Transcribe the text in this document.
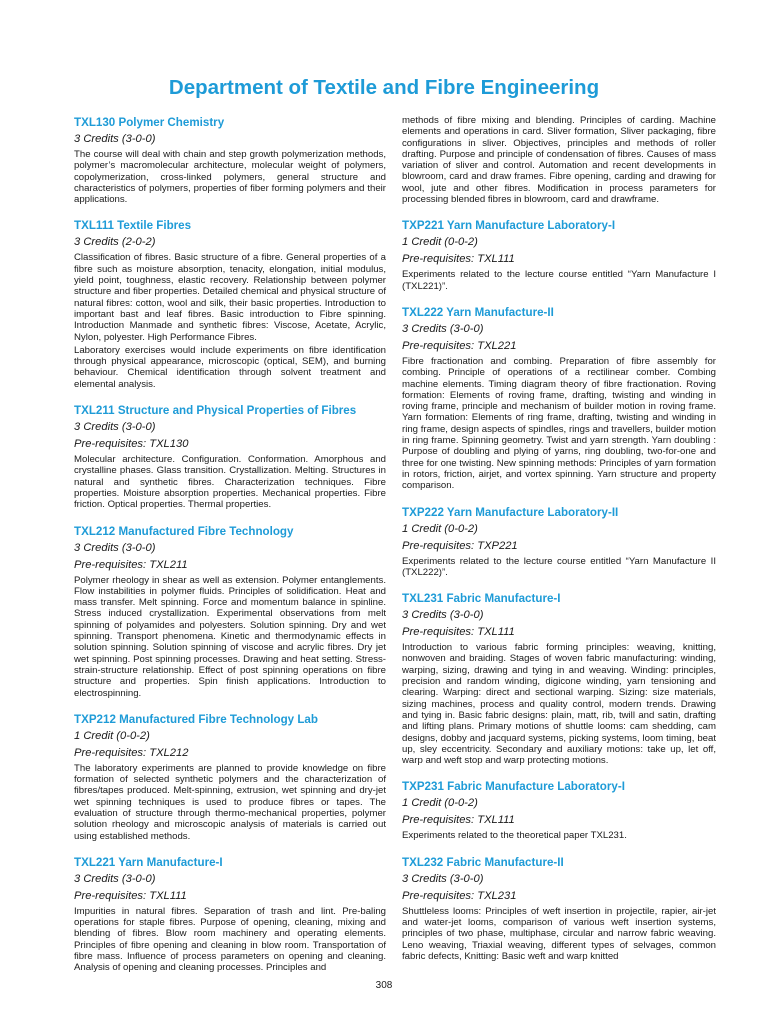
Department of Textile and Fibre Engineering
TXL130 Polymer Chemistry
3 Credits (3-0-0)

The course will deal with chain and step growth polymerization methods, polymer’s macromolecular architecture, molecular weight of polymers, copolymerization, cross-linked polymers, general structure and characteristics of polymers, properties of fiber forming polymers and their applications.

TXL111 Textile Fibres
3 Credits (2-0-2)

Classification of fibres. Basic structure of a fibre. General properties of a fibre such as moisture absorption, tenacity, elongation, initial modulus, yield point, toughness, elastic recovery. Relationship between polymer structure and fiber properties. Detailed chemical and physical structure of natural fibres: cotton, wool and silk, their basic properties. Introduction to important bast and leaf fibres. Basic introduction to Fibre spinning. Introduction Manmade and synthetic fibres: Viscose, Acetate, Acrylic, Nylon, polyester. High Performance Fibres.

Laboratory exercises would include experiments on fibre identification through physical appearance, microscopic (optical, SEM), and burning behaviour. Chemical identification through solvent treatment and elemental analysis.

TXL211 Structure and Physical Properties of Fibres
3 Credits (3-0-0)
Pre-requisites: TXL130

Molecular architecture. Configuration. Conformation. Amorphous and crystalline phases. Glass transition. Crystallization. Melting. Structures in natural and synthetic fibres. Characterization techniques. Fibre properties. Moisture absorption properties. Mechanical properties. Fibre friction. Optical properties. Thermal properties.

TXL212 Manufactured Fibre Technology
3 Credits (3-0-0)
Pre-requisites: TXL211

Polymer rheology in shear as well as extension. Polymer entanglements. Flow instabilities in polymer fluids. Principles of solidification. Heat and mass transfer. Melt spinning. Force and momentum balance in spinline. Stress induced crystallization. Experimental observations from melt spinning of polyamides and polyesters. Solution spinning. Dry and wet spinning. Transport phenomena. Kinetic and thermodynamic effects in solution spinning. Solution spinning of viscose and acrylic fibres. Dry jet wet spinning. Post spinning processes. Drawing and heat setting. Stress-strain-structure relationship. Effect of post spinning operations on fibre structure and properties. Spin finish applications. Introduction to electrospinning.

TXP212 Manufactured Fibre Technology Lab
1 Credit (0-0-2)
Pre-requisites: TXL212

The laboratory experiments are planned to provide knowledge on fibre formation of selected synthetic polymers and the characterization of fibres/tapes produced. Melt-spinning, extrusion, wet spinning and dry-jet wet spinning techniques is used to produce fibres or tapes. The evaluation of structure through thermo-mechanical properties, polymer solution rheology and microscopic analysis of materials is carried out using established methods.

TXL221 Yarn Manufacture-I
3 Credits (3-0-0)
Pre-requisites: TXL111

Impurities in natural fibres. Separation of trash and lint. Pre-baling operations for staple fibres. Purpose of opening, cleaning, mixing and blending of fibres. Blow room machinery and operating elements. Principles of fibre opening and cleaning in blow room. Transportation of fibre mass. Influence of process parameters on opening and cleaning. Analysis of opening and cleaning processes. Principles and

methods of fibre mixing and blending. Principles of carding. Machine elements and operations in card. Sliver formation, Sliver packaging, fibre configurations in sliver. Objectives, principles and methods of roller drafting. Purpose and principle of condensation of fibres. Causes of mass variation of sliver and control. Automation and recent developments in blowroom, card and draw frames. Fibre opening, carding and drawing for wool, jute and other fibres. Modification in process parameters for processing blended fibres in blowroom, card and drawframe.

TXP221 Yarn Manufacture Laboratory-I
1 Credit (0-0-2)
Pre-requisites: TXL111

Experiments related to the lecture course entitled “Yarn Manufacture I (TXL221)”.

TXL222 Yarn Manufacture-II
3 Credits (3-0-0)
Pre-requisites: TXL221

Fibre fractionation and combing. Preparation of fibre assembly for combing. Principle of operations of a rectilinear comber. Combing machine elements. Timing diagram theory of fibre fractionation. Roving formation: Elements of roving frame, drafting, twisting and winding in roving frame, principle and mechanism of builder motion in roving frame. Yarn formation: Elements of ring frame, drafting, twisting and winding in ring frame, design aspects of spindles, rings and travellers, builder motion in ring frame. Spinning geometry. Twist and yarn strength. Yarn doubling : Purpose of doubling and plying of yarns, ring doubling, two-for-one and three for one twisting. New spinning methods: Principles of yarn formation in rotors, friction, airjet, and vortex spinning. Yarn structure and property comparison.

TXP222 Yarn Manufacture Laboratory-II
1 Credit (0-0-2)
Pre-requisites: TXP221

Experiments related to the lecture course entitled “Yarn Manufacture II (TXL222)”.

TXL231 Fabric Manufacture-I
3 Credits (3-0-0)
Pre-requisites: TXL111

Introduction to various fabric forming principles: weaving, knitting, nonwoven and braiding. Stages of woven fabric manufacturing: winding, warping, sizing, drawing and tying in and weaving. Winding: principles, precision and random winding, digicone winding, yarn tensioning and clearing. Warping: direct and sectional warping. Sizing: size materials, sizing machines, process and quality control, modern trends. Drawing and tying in. Basic fabric designs: plain, matt, rib, twill and satin, drafting and lifting plans. Primary motions of shuttle looms: cam shedding, cam designs, dobby and jacquard systems, picking systems, loom timing, beat up, sley eccentricity. Secondary and auxiliary motions: take up, let off, warp and weft stop and warp protecting motions.

TXP231 Fabric Manufacture Laboratory-I
1 Credit (0-0-2)
Pre-requisites: TXL111

Experiments related to the theoretical paper TXL231.

TXL232 Fabric Manufacture-II
3 Credits (3-0-0)
Pre-requisites: TXL231

Shuttleless looms: Principles of weft insertion in projectile, rapier, air-jet and water-jet looms, comparison of various weft insertion systems, principles of two phase, multiphase, circular and narrow fabric weaving. Leno weaving, Triaxial weaving, different types of selvages, common fabric defects, Knitting: Basic weft and warp knitted

308
